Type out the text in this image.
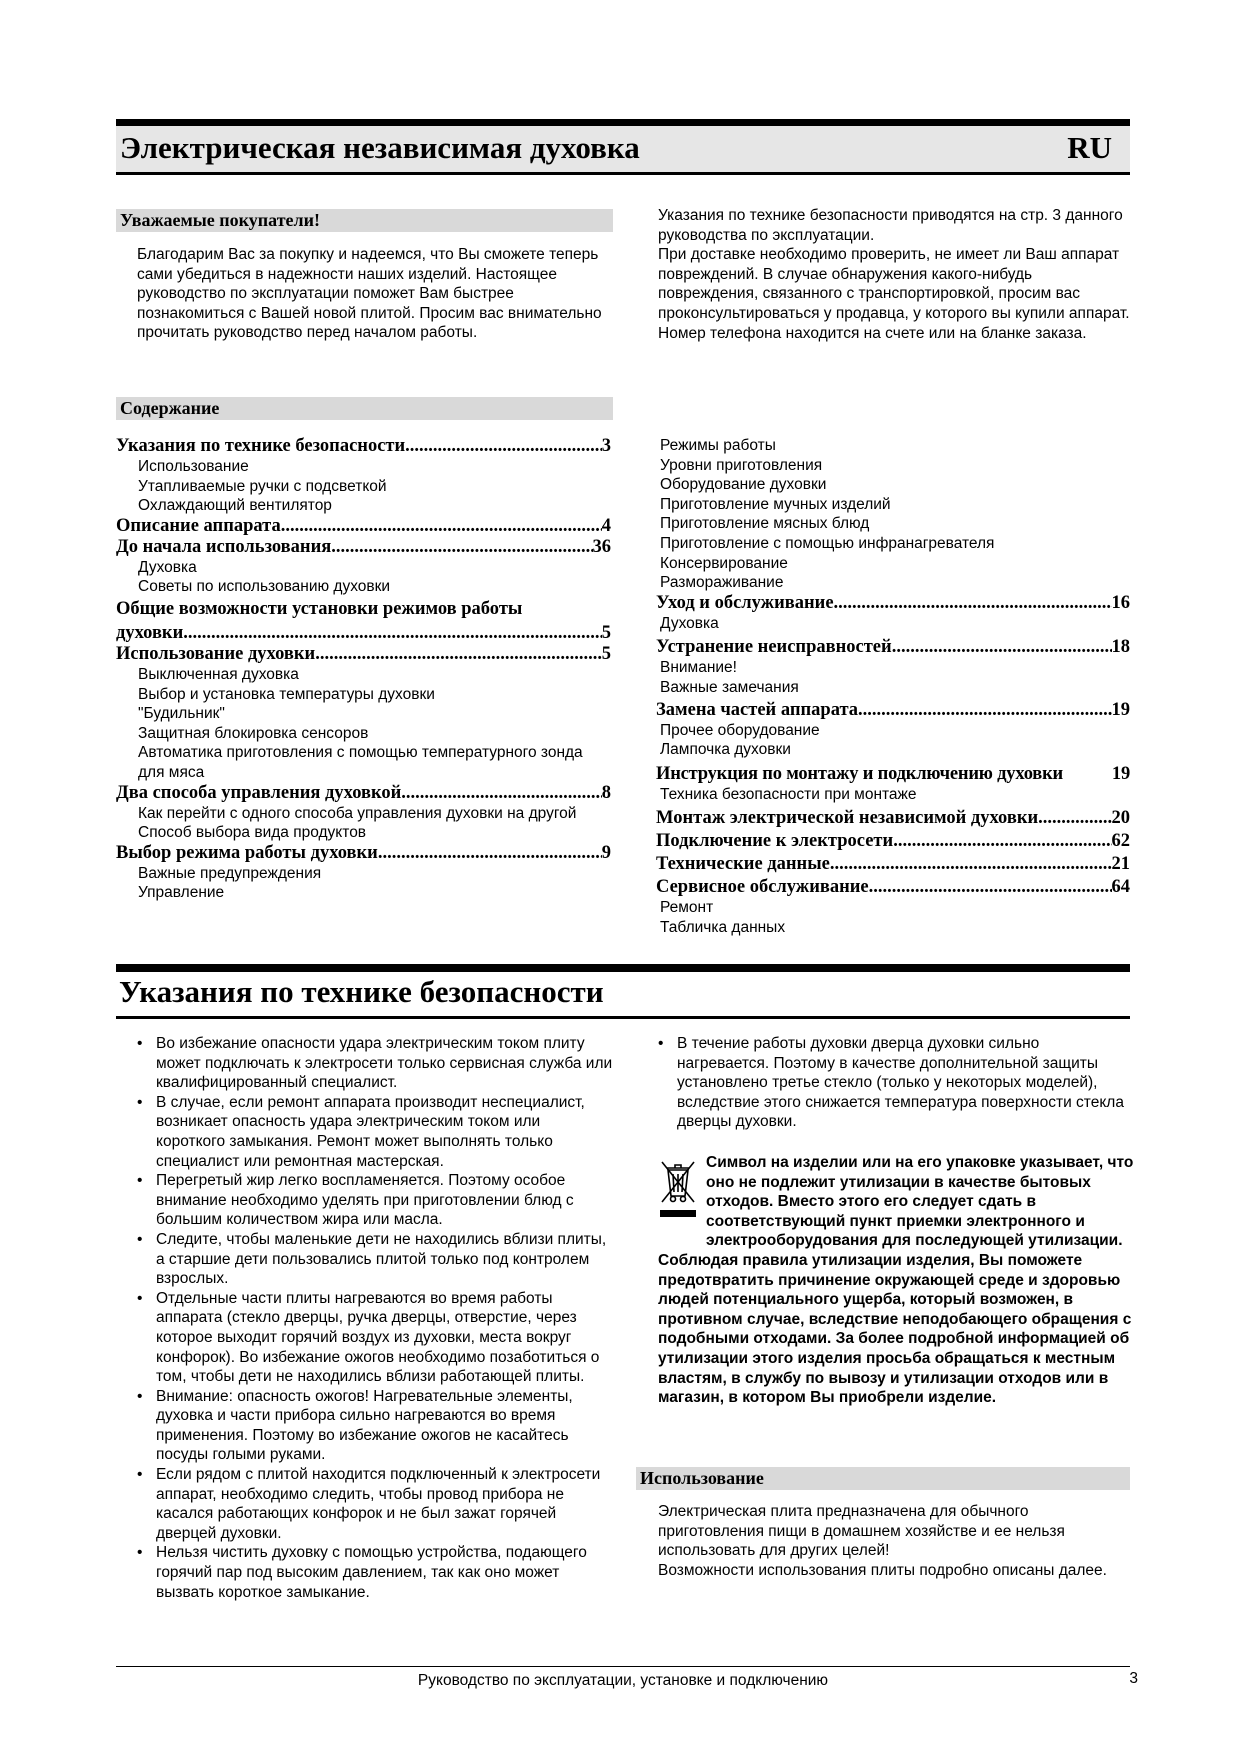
Электрическая независимая духовка	RU
Уважаемые покупатели!

Благодарим Вас за покупку и надеемся, что Вы сможете теперь сами убедиться в надежности наших изделий. Настоящее руководство по эксплуатации поможет Вам быстрее познакомиться с Вашей новой плитой. Просим вас внимательно прочитать руководство перед началом работы.

Указания по технике безопасности приводятся на стр. 3 данного руководства по эксплуатации.
При доставке необходимо проверить, не имеет ли Ваш аппарат повреждений. В случае обнаружения какого-нибудь повреждения, связанного с транспортировкой, просим вас проконсультироваться у продавца, у которого вы купили аппарат. Номер телефона находится на счете или на бланке заказа.

Содержание
Указания по технике безопасности .....	3
Использование
Утапливаемые ручки с подсветкой
Охлаждающий вентилятор
Описание аппарата .....	4
До начала использования .....	36
Духовка
Советы по использованию духовки
Общие возможности установки режимов работы
духовки .....	5
Использование духовки .....	5
Выключенная духовка
Выбор и установка температуры духовки
"Будильник"
Защитная блокировка сенсоров
Автоматика приготовления с помощью температурного зонда для мяса
Два способа управления духовкой .....	8
Как перейти с одного способа управления духовки на другой
Способ выбора вида продуктов
Выбор режима работы духовки .....	9
Важные предупреждения
Управление
Режимы работы
Уровни приготовления
Оборудование духовки
Приготовление мучных изделий
Приготовление мясных блюд
Приготовление с помощью инфранагревателя
Консервирование
Размораживание
Уход и обслуживание .....	16
Духовка
Устранение неисправностей .....	18
Внимание!
Важные замечания
Замена частей аппарата .....	19
Прочее оборудование
Лампочка духовки
Инструкция по монтажу и подключению духовки	19
Техника безопасности при монтаже
Монтаж электрической независимой духовки .....	20
Подключение к электросети .....	62
Технические данные .....	21
Сервисное обслуживание .....	64
Ремонт
Табличка данных
Указания по технике безопасности
• Во избежание опасности удара электрическим током плиту может подключать к электросети только сервисная служба или квалифицированный специалист.
• В случае, если ремонт аппарата производит неспециалист, возникает опасность удара электрическим током или короткого замыкания. Ремонт может выполнять только специалист или ремонтная мастерская.
• Перегретый жир легко воспламеняется. Поэтому особое внимание необходимо уделять при приготовлении блюд с большим количеством жира или масла.
• Следите, чтобы маленькие дети не находились вблизи плиты, а старшие дети пользовались плитой только под контролем взрослых.
• Отдельные части плиты нагреваются во время работы аппарата (стекло дверцы, ручка дверцы, отверстие, через которое выходит горячий воздух из духовки, места вокруг конфорок). Во избежание ожогов необходимо позаботиться о том, чтобы дети не находились вблизи работающей плиты.
• Внимание: опасность ожогов! Нагревательные элементы, духовка и части прибора сильно нагреваются во время применения. Поэтому во избежание ожогов не касайтесь посуды голыми руками.
• Если рядом с плитой находится подключенный к электросети аппарат, необходимо следить, чтобы провод прибора не касался работающих конфорок и не был зажат горячей дверцей духовки.
• Нельзя чистить духовку с помощью устройства, подающего горячий пар под высоким давлением, так как оно может вызвать короткое замыкание.
• В течение работы духовки дверца духовки сильно нагревается. Поэтому в качестве дополнительной защиты установлено третье стекло (только у некоторых моделей), вследствие этого снижается температура поверхности стекла дверцы духовки.

Символ на изделии или на его упаковке указывает, что оно не подлежит утилизации в качестве бытовых отходов. Вместо этого его следует сдать в соответствующий пункт приемки электронного и электрооборудования для последующей утилизации. Соблюдая правила утилизации изделия, Вы поможете предотвратить причинение окружающей среде и здоровью людей потенциального ущерба, который возможен, в противном случае, вследствие неподобающего обращения с подобными отходами. За более подробной информацией об утилизации этого изделия просьба обращаться к местным властям, в службу по вывозу и утилизации отходов или в магазин, в котором Вы приобрели изделие.

Использование

Электрическая плита предназначена для обычного приготовления пищи в домашнем хозяйстве и ее нельзя использовать для других целей!
Возможности использования плиты подробно описаны далее.

Руководство по эксплуатации, установке и подключению	3
